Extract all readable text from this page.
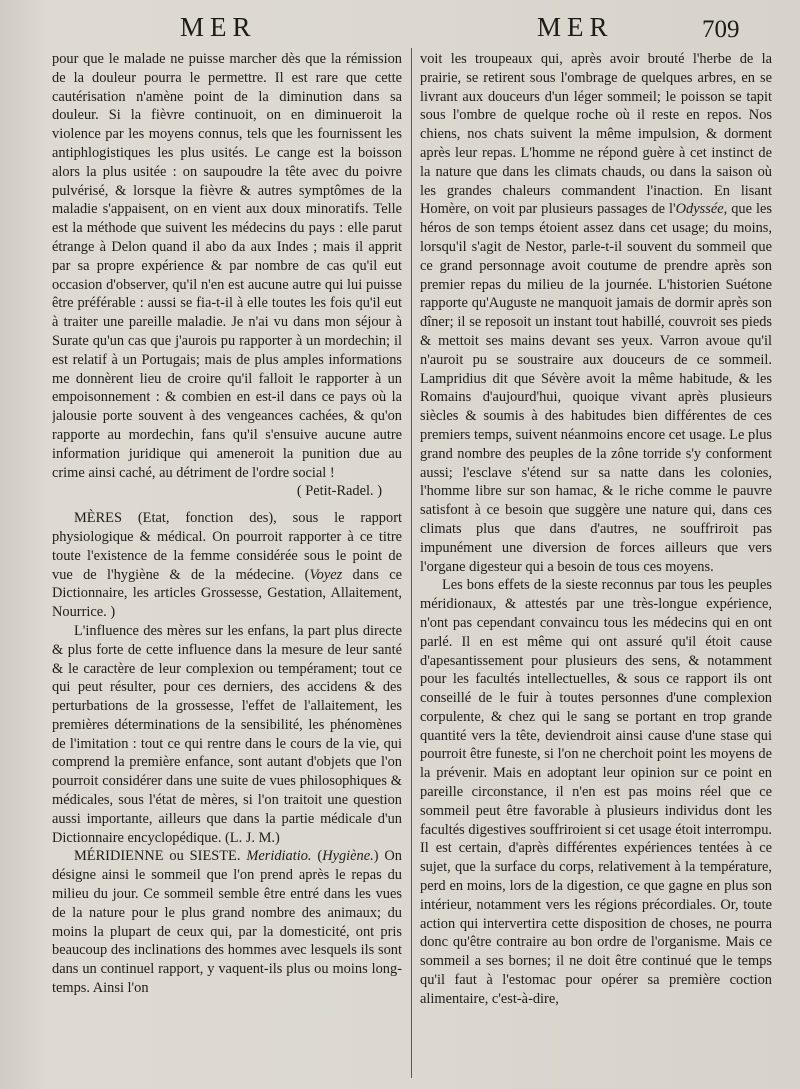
MER	MER	709

pour que le malade ne puisse marcher dès que la rémission de la douleur pourra le permettre. Il est rare que cette cautérisation n'amène point de la diminution dans sa douleur. Si la fièvre continuoit, on en diminueroit la violence par les moyens connus, tels que les fournissent les antiphlogistiques les plus usités. Le cange est la boisson alors la plus usitée : on saupoudre la tête avec du poivre pulvérisé, & lorsque la fièvre & autres symptômes de la maladie s'appaisent, on en vient aux doux minoratifs. Telle est la méthode que suivent les médecins du pays : elle parut étrange à Delon quand il abo da aux Indes ; mais il apprit par sa propre expérience & par nombre de cas qu'il eut occasion d'observer, qu'il n'en est aucune autre qui lui puisse être préférable : aussi se fia-t-il à elle toutes les fois qu'il eut à traiter une pareille maladie. Je n'ai vu dans mon séjour à Surate qu'un cas que j'aurois pu rapporter à un mordechin; il est relatif à un Portugais; mais de plus amples informations me donnèrent lieu de croire qu'il falloit le rapporter à un empoisonnement : & combien en est-il dans ce pays où la jalousie porte souvent à des vengeances cachées, & qu'on rapporte au mordechin, fans qu'il s'ensuive aucune autre information juridique qui ameneroit la punition due au crime ainsi caché, au détriment de l'ordre social !

( Petit-Radel. )

MÈRES (Etat, fonction des), sous le rapport physiologique & médical. On pourroit rapporter à ce titre toute l'existence de la femme considérée sous le point de vue de l'hygiène & de la médecine. (Voyez dans ce Dictionnaire, les articles Grossesse, Gestation, Allaitement, Nourrice. )

L'influence des mères sur les enfans, la part plus directe & plus forte de cette influence dans la mesure de leur santé & le caractère de leur complexion ou tempérament; tout ce qui peut résulter, pour ces derniers, des accidens & des perturbations de la grossesse, l'effet de l'allaitement, les premières déterminations de la sensibilité, les phénomènes de l'imitation : tout ce qui rentre dans le cours de la vie, qui comprend la première enfance, sont autant d'objets que l'on pourroit considérer dans une suite de vues philosophiques & médicales, sous l'état de mères, si l'on traitoit une question aussi importante, ailleurs que dans la partie médicale d'un Dictionnaire encyclopédique. (L. J. M.)

MÉRIDIENNE ou SIESTE. Meridiatio. (Hygiène.) On désigne ainsi le sommeil que l'on prend après le repas du milieu du jour. Ce sommeil semble être entré dans les vues de la nature pour le plus grand nombre des animaux; du moins la plupart de ceux qui, par la domesticité, ont pris beaucoup des inclinations des hommes avec lesquels ils sont dans un continuel rapport, y vaquent-ils plus ou moins long-temps. Ainsi l'on

voit les troupeaux qui, après avoir brouté l'herbe de la prairie, se retirent sous l'ombrage de quelques arbres, en se livrant aux douceurs d'un léger sommeil; le poisson se tapit sous l'ombre de quelque roche où il reste en repos. Nos chiens, nos chats suivent la même impulsion, & dorment après leur repas. L'homme ne répond guère à cet instinct de la nature que dans les climats chauds, ou dans la saison où les grandes chaleurs commandent l'inaction. En lisant Homère, on voit par plusieurs passages de l'Odyssée, que les héros de son temps étoient assez dans cet usage; du moins, lorsqu'il s'agit de Nestor, parle-t-il souvent du sommeil que ce grand personnage avoit coutume de prendre après son premier repas du milieu de la journée. L'historien Suétone rapporte qu'Auguste ne manquoit jamais de dormir après son dîner; il se reposoit un instant tout habillé, couvroit ses pieds & mettoit ses mains devant ses yeux. Varron avoue qu'il n'auroit pu se soustraire aux douceurs de ce sommeil. Lampridius dit que Sévère avoit la même habitude, & les Romains d'aujourd'hui, quoique vivant après plusieurs siècles & soumis à des habitudes bien différentes de ces premiers temps, suivent néanmoins encore cet usage. Le plus grand nombre des peuples de la zône torride s'y conforment aussi; l'esclave s'étend sur sa natte dans les colonies, l'homme libre sur son hamac, & le riche comme le pauvre satisfont à ce besoin que suggère une nature qui, dans ces climats plus que dans d'autres, ne souffriroit pas impunément une diversion de forces ailleurs que vers l'organe digesteur qui a besoin de tous ces moyens.

Les bons effets de la sieste reconnus par tous les peuples méridionaux, & attestés par une très-longue expérience, n'ont pas cependant convaincu tous les médecins qui en ont parlé. Il en est même qui ont assuré qu'il étoit cause d'apesantissement pour plusieurs des sens, & notamment pour les facultés intellectuelles, & sous ce rapport ils ont conseillé de le fuir à toutes personnes d'une complexion corpulente, & chez qui le sang se portant en trop grande quantité vers la tête, deviendroit ainsi cause d'une stase qui pourroit être funeste, si l'on ne cherchoit point les moyens de la prévenir. Mais en adoptant leur opinion sur ce point en pareille circonstance, il n'en est pas moins réel que ce sommeil peut être favorable à plusieurs individus dont les facultés digestives souffriroient si cet usage étoit interrompu. Il est certain, d'après différentes expériences tentées à ce sujet, que la surface du corps, relativement à la température, perd en moins, lors de la digestion, ce que gagne en plus son intérieur, notamment vers les régions précordiales. Or, toute action qui intervertira cette disposition de choses, ne pourra donc qu'être contraire au bon ordre de l'organisme. Mais ce sommeil a ses bornes; il ne doit être continué que le temps qu'il faut à l'estomac pour opérer sa première coction alimentaire, c'est-à-dire,
